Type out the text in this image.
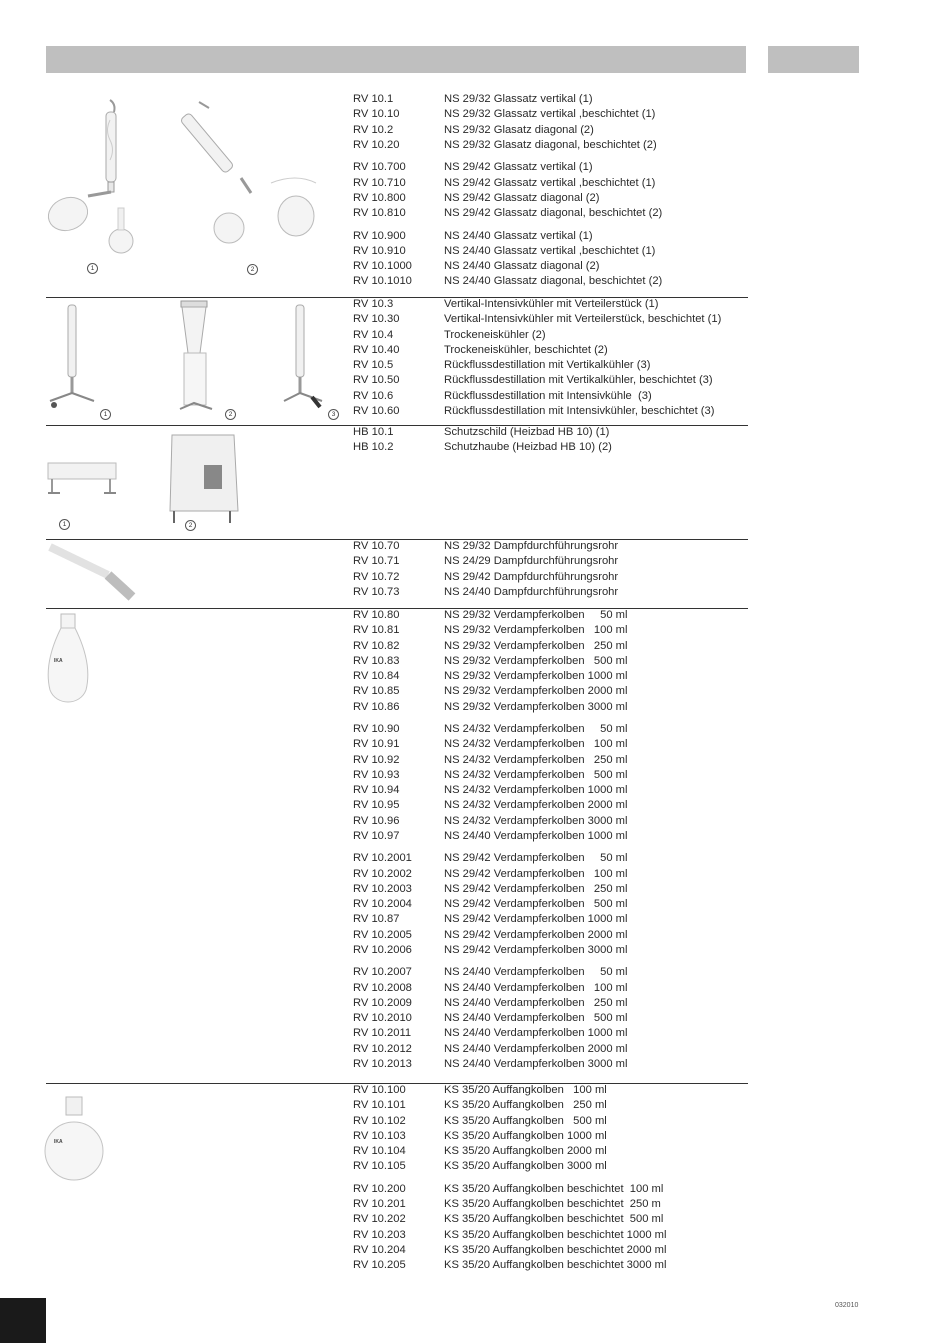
1	2
RV 10.1	NS 29/32 Glassatz vertikal (1)
RV 10.10	NS 29/32 Glassatz vertikal ,beschichtet (1)
RV 10.2	NS 29/32 Glasatz diagonal (2)
RV 10.20	NS 29/32 Glasatz diagonal, beschichtet (2)
RV 10.700	NS 29/42 Glassatz vertikal (1)
RV 10.710	NS 29/42 Glassatz vertikal ,beschichtet (1)
RV 10.800	NS 29/42 Glassatz diagonal (2)
RV 10.810	NS 29/42 Glassatz diagonal, beschichtet (2)
RV 10.900	NS 24/40 Glassatz vertikal (1)
RV 10.910	NS 24/40 Glassatz vertikal ,beschichtet (1)
RV 10.1000	NS 24/40 Glassatz diagonal (2)
RV 10.1010	NS 24/40 Glassatz diagonal, beschichtet (2)
1	2	3
RV 10.3	Vertikal-Intensivkühler mit Verteilerstück (1)
RV 10.30	Vertikal-Intensivkühler mit Verteilerstück, beschichtet (1)
RV 10.4	Trockeneiskühler (2)
RV 10.40	Trockeneiskühler, beschichtet (2)
RV 10.5	Rückflussdestillation mit Vertikalkühler (3)
RV 10.50	Rückflussdestillation mit Vertikalkühler, beschichtet (3)
RV 10.6	Rückflussdestillation mit Intensivkühle  (3)
RV 10.60	Rückflussdestillation mit Intensivkühler, beschichtet (3)
1	2
HB 10.1	Schutzschild (Heizbad HB 10) (1)
HB 10.2	Schutzhaube (Heizbad HB 10) (2)
RV 10.70	NS 29/32 Dampfdurchführungsrohr
RV 10.71	NS 24/29 Dampfdurchführungsrohr
RV 10.72	NS 29/42 Dampfdurchführungsrohr
RV 10.73	NS 24/40 Dampfdurchführungsrohr
IKA
RV 10.80	NS 29/32 Verdampferkolben     50 ml
RV 10.81	NS 29/32 Verdampferkolben   100 ml
RV 10.82	NS 29/32 Verdampferkolben   250 ml
RV 10.83	NS 29/32 Verdampferkolben   500 ml
RV 10.84	NS 29/32 Verdampferkolben 1000 ml
RV 10.85	NS 29/32 Verdampferkolben 2000 ml
RV 10.86	NS 29/32 Verdampferkolben 3000 ml
RV 10.90	NS 24/32 Verdampferkolben     50 ml
RV 10.91	NS 24/32 Verdampferkolben   100 ml
RV 10.92	NS 24/32 Verdampferkolben   250 ml
RV 10.93	NS 24/32 Verdampferkolben   500 ml
RV 10.94	NS 24/32 Verdampferkolben 1000 ml
RV 10.95	NS 24/32 Verdampferkolben 2000 ml
RV 10.96	NS 24/32 Verdampferkolben 3000 ml
RV 10.97	NS 24/40 Verdampferkolben 1000 ml
RV 10.2001	NS 29/42 Verdampferkolben     50 ml
RV 10.2002	NS 29/42 Verdampferkolben   100 ml
RV 10.2003	NS 29/42 Verdampferkolben   250 ml
RV 10.2004	NS 29/42 Verdampferkolben   500 ml
RV 10.87	NS 29/42 Verdampferkolben 1000 ml
RV 10.2005	NS 29/42 Verdampferkolben 2000 ml
RV 10.2006	NS 29/42 Verdampferkolben 3000 ml
RV 10.2007	NS 24/40 Verdampferkolben     50 ml
RV 10.2008	NS 24/40 Verdampferkolben   100 ml
RV 10.2009	NS 24/40 Verdampferkolben   250 ml
RV 10.2010	NS 24/40 Verdampferkolben   500 ml
RV 10.2011	NS 24/40 Verdampferkolben 1000 ml
RV 10.2012	NS 24/40 Verdampferkolben 2000 ml
RV 10.2013	NS 24/40 Verdampferkolben 3000 ml
IKA
RV 10.100	KS 35/20 Auffangkolben   100 ml
RV 10.101	KS 35/20 Auffangkolben   250 ml
RV 10.102	KS 35/20 Auffangkolben   500 ml
RV 10.103	KS 35/20 Auffangkolben 1000 ml
RV 10.104	KS 35/20 Auffangkolben 2000 ml
RV 10.105	KS 35/20 Auffangkolben 3000 ml
RV 10.200	KS 35/20 Auffangkolben beschichtet  100 ml
RV 10.201	KS 35/20 Auffangkolben beschichtet  250 m
RV 10.202	KS 35/20 Auffangkolben beschichtet  500 ml
RV 10.203	KS 35/20 Auffangkolben beschichtet 1000 ml
RV 10.204	KS 35/20 Auffangkolben beschichtet 2000 ml
RV 10.205	KS 35/20 Auffangkolben beschichtet 3000 ml
032010
